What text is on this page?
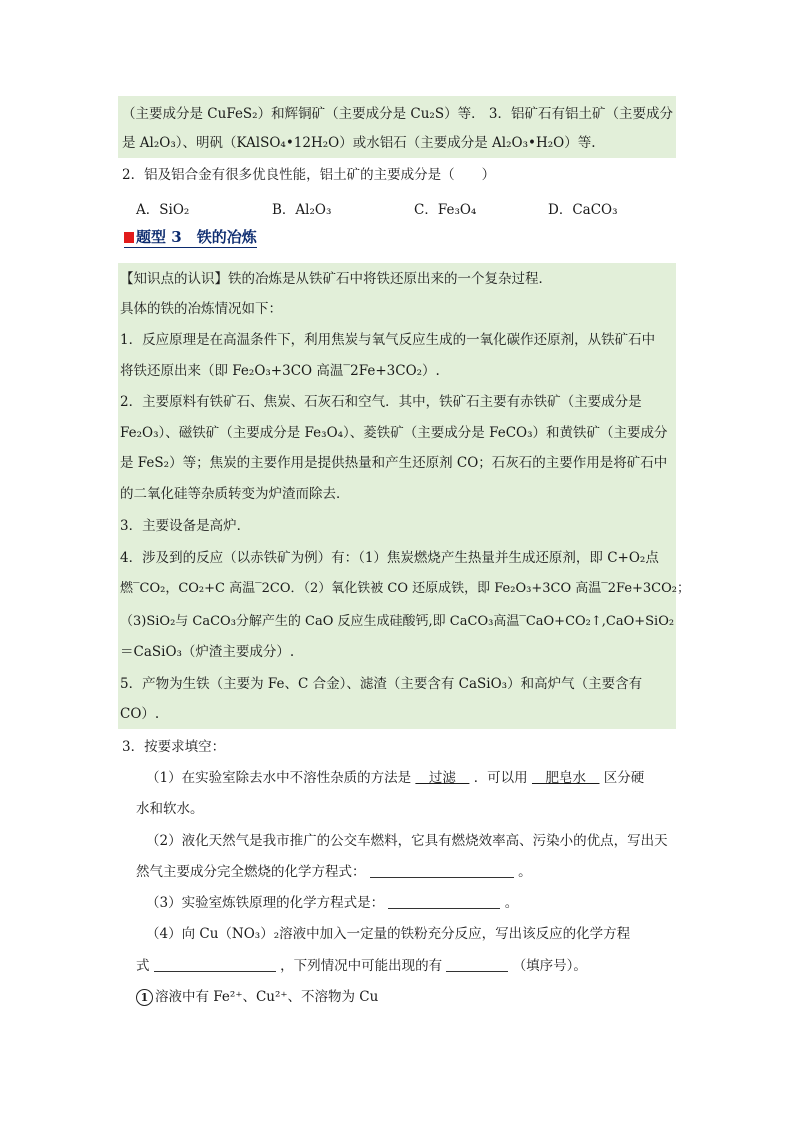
（主要成分是 CuFeS₂）和辉铜矿（主要成分是 Cu₂S）等． 3．铝矿石有铝土矿（主要成分
是 Al₂O₃）、明矾（KAlSO₄•12H₂O）或水铝石（主要成分是 Al₂O₃•H₂O）等.
2．铝及铝合金有很多优良性能，铝土矿的主要成分是（　　）
A．SiO₂	B．Al₂O₃	C．Fe₃O₄	D．CaCO₃
题型 3　 铁的冶炼
【知识点的认识】铁的冶炼是从铁矿石中将铁还原出来的一个复杂过程．
具体的铁的冶炼情况如下：
1．反应原理是在高温条件下，利用焦炭与氧气反应生成的一氧化碳作还原剂，从铁矿石中
将铁还原出来（即 Fe₂O₃+3CO 高温‾2Fe+3CO₂）.
2．主要原料有铁矿石、焦炭、石灰石和空气．其中，铁矿石主要有赤铁矿（主要成分是
Fe₂O₃）、磁铁矿（主要成分是 Fe₃O₄）、菱铁矿（主要成分是 FeCO₃）和黄铁矿（主要成分
是 FeS₂）等；焦炭的主要作用是提供热量和产生还原剂 CO；石灰石的主要作用是将矿石中
的二氧化硅等杂质转变为炉渣而除去．
3．主要设备是高炉．
4．涉及到的反应（以赤铁矿为例）有：（1）焦炭燃烧产生热量并生成还原剂，即 C+O₂点
燃‾CO₂，CO₂+C 高温‾2CO．（2）氧化铁被 CO 还原成铁，即 Fe₂O₃+3CO 高温‾2Fe+3CO₂；
（3)SiO₂与 CaCO₃分解产生的 CaO 反应生成硅酸钙,即 CaCO₃高温‾CaO+CO₂↑,CaO+SiO₂
＝CaSiO₃（炉渣主要成分）.
5．产物为生铁（主要为 Fe、C 合金）、滤渣（主要含有 CaSiO₃）和高炉气（主要含有
CO）.
3．按要求填空：
（1）在实验室除去水中不溶性杂质的方法是 　过滤　 ．可以用 　肥皂水　 区分硬
水和软水。
（2）液化天然气是我市推广的公交车燃料，它具有燃烧效率高、污染小的优点，写出天
然气主要成分完全燃烧的化学方程式：	。
（3）实验室炼铁原理的化学方程式是：	。
（4）向 Cu（NO₃）₂溶液中加入一定量的铁粉充分反应，写出该反应的化学方程
式	，下列情况中可能出现的有	（填序号）。
1 溶液中有 Fe²⁺、Cu²⁺、不溶物为 Cu
